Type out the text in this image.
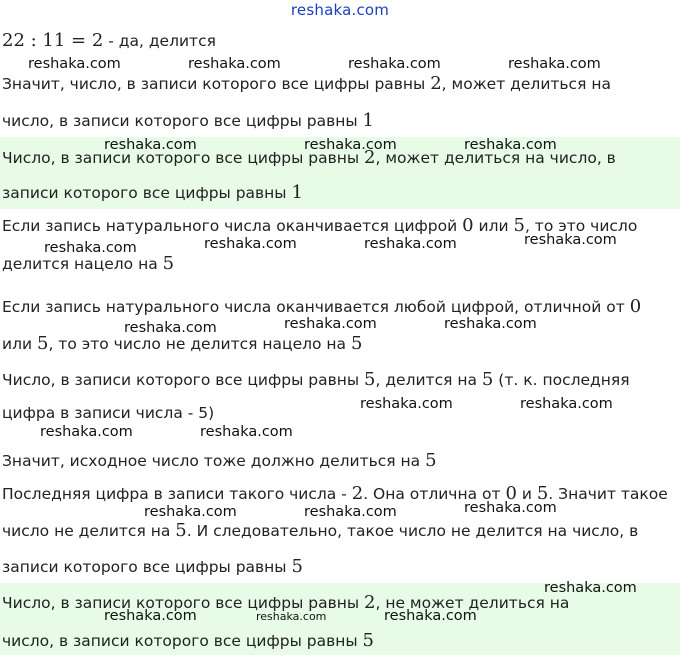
reshaka.com
22 : 11 = 2 - да, делится
Значит, число, в записи которого все цифры равны 2, может делиться на
число, в записи которого все цифры равны 1
Число, в записи которого все цифры равны 2, может делиться на число, в
записи которого все цифры равны 1
Если запись натурального числа оканчивается цифрой 0 или 5, то это число
делится нацело на 5
Если запись натурального числа оканчивается любой цифрой, отличной от 0
или 5, то это число не делится нацело на 5
Число, в записи которого все цифры равны 5, делится на 5 (т. к. последняя
цифра в записи числа - 5)
Значит, исходное число тоже должно делиться на 5
Последняя цифра в записи такого числа - 2. Она отлична от 0 и 5. Значит такое
число не делится на 5. И следовательно, такое число не делится на число, в
записи которого все цифры равны 5
Число, в записи которого все цифры равны 2, не может делиться на
число, в записи которого все цифры равны 5
reshaka.com	reshaka.com	reshaka.com	reshaka.com
reshaka.com	reshaka.com	reshaka.com
reshaka.com	reshaka.com	reshaka.com	reshaka.com
reshaka.com	reshaka.com	reshaka.com
reshaka.com	reshaka.com
reshaka.com	reshaka.com
reshaka.com	reshaka.com	reshaka.com
reshaka.com
reshaka.com	reshaka.com	reshaka.com
